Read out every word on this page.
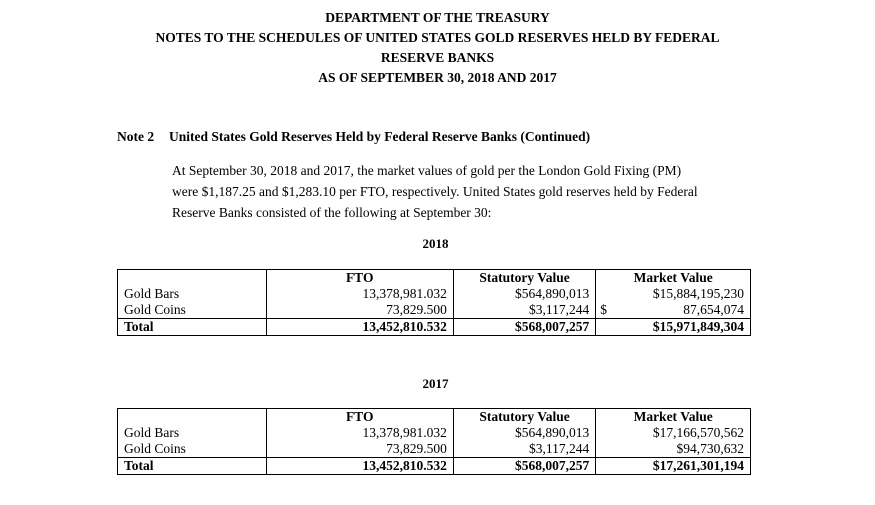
DEPARTMENT OF THE TREASURY
NOTES TO THE SCHEDULES OF UNITED STATES GOLD RESERVES HELD BY FEDERAL
RESERVE BANKS
AS OF SEPTEMBER 30, 2018 AND 2017
Note 2 United States Gold Reserves Held by Federal Reserve Banks (Continued)
At September 30, 2018 and 2017, the market values of gold per the London Gold Fixing (PM)
were $1,187.25 and $1,283.10 per FTO, respectively. United States gold reserves held by Federal
Reserve Banks consisted of the following at September 30:
2018
	FTO	Statutory Value	Market Value
Gold Bars	13,378,981.032	$564,890,013	$15,884,195,230
Gold Coins	73,829.500	$3,117,244	$ 87,654,074

Total	13,452,810.532	$568,007,257	$15,971,849,304
2017
	FTO	Statutory Value	Market Value
Gold Bars	13,378,981.032	$564,890,013	$17,166,570,562
Gold Coins	73,829.500	$3,117,244	$94,730,632
Total	13,452,810.532	$568,007,257	$17,261,301,194
